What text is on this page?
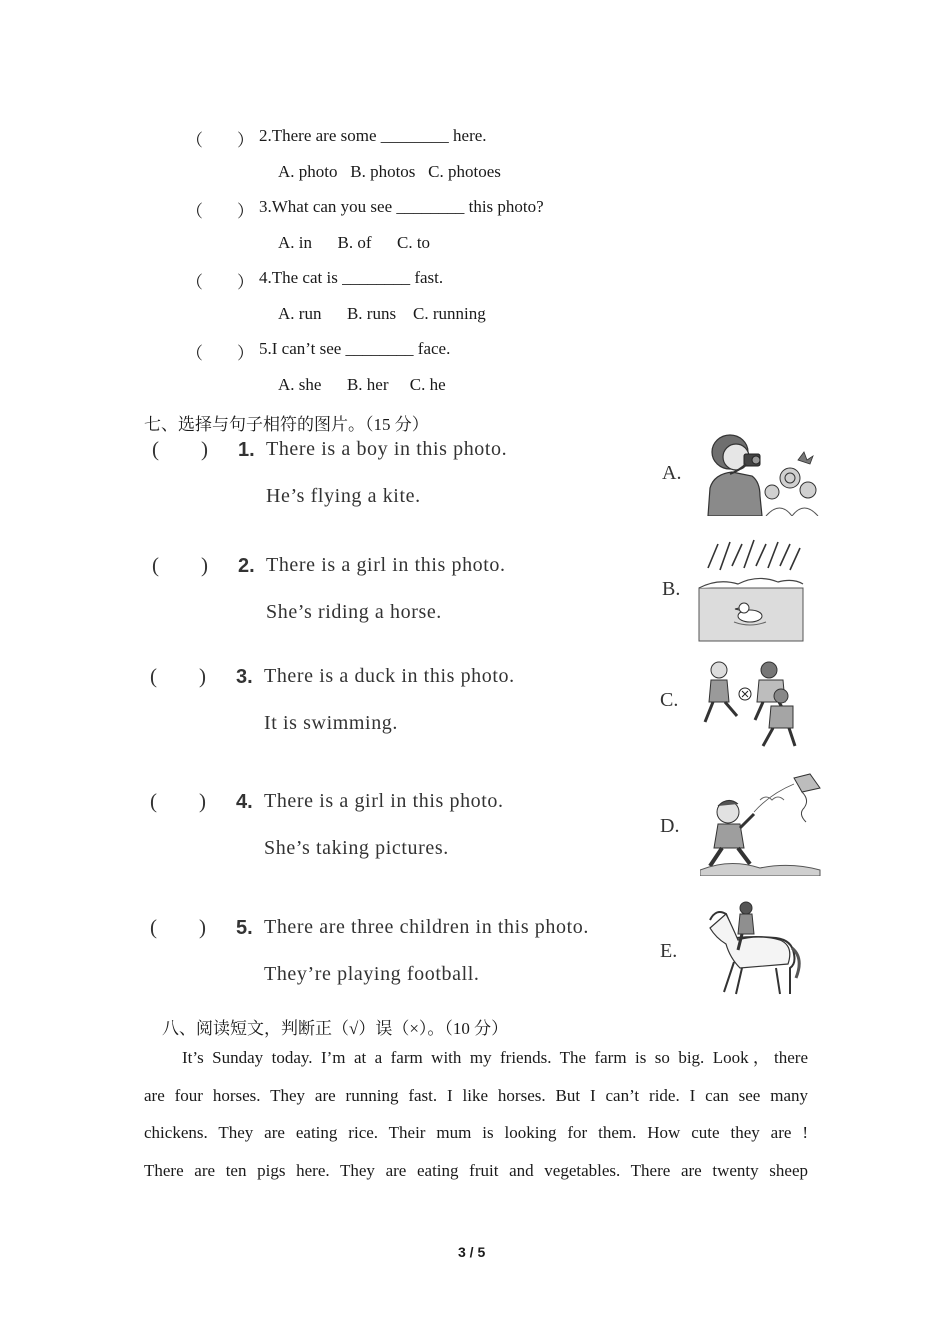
（　　） 2.There are some ________ here.
A. photo   B. photos   C. photoes
（　　） 3.What can you see ________ this photo?
A. in      B. of      C. to
（　　） 4.The cat is ________ fast.
A. run      B. runs    C. running
（　　） 5.I can’t see ________ face.
A. she      B. her     C. he
七、选择与句子相符的图片。（15 分）
(        ) 1. There is a boy in this photo.
He’s flying a kite.
(        ) 2. There is a girl in this photo.
She’s riding a horse.
(        ) 3. There is a duck in this photo.
It is swimming.
(        ) 4. There is a girl in this photo.
She’s taking pictures.
(        ) 5. There are three children in this photo.
They’re playing football.
A.
B.
C.
D.
E.
八、阅读短文，判断正（√）误（×）。（10 分）
It’s Sunday today. I’m at a farm with my friends. The farm is so big. Look，there
are four horses. They are running fast. I like horses. But I can’t ride. I can see many
chickens. They are eating rice. Their mum is looking for them. How cute they are !
There are ten pigs here. They are eating fruit and vegetables. There are twenty sheep
3 / 5
